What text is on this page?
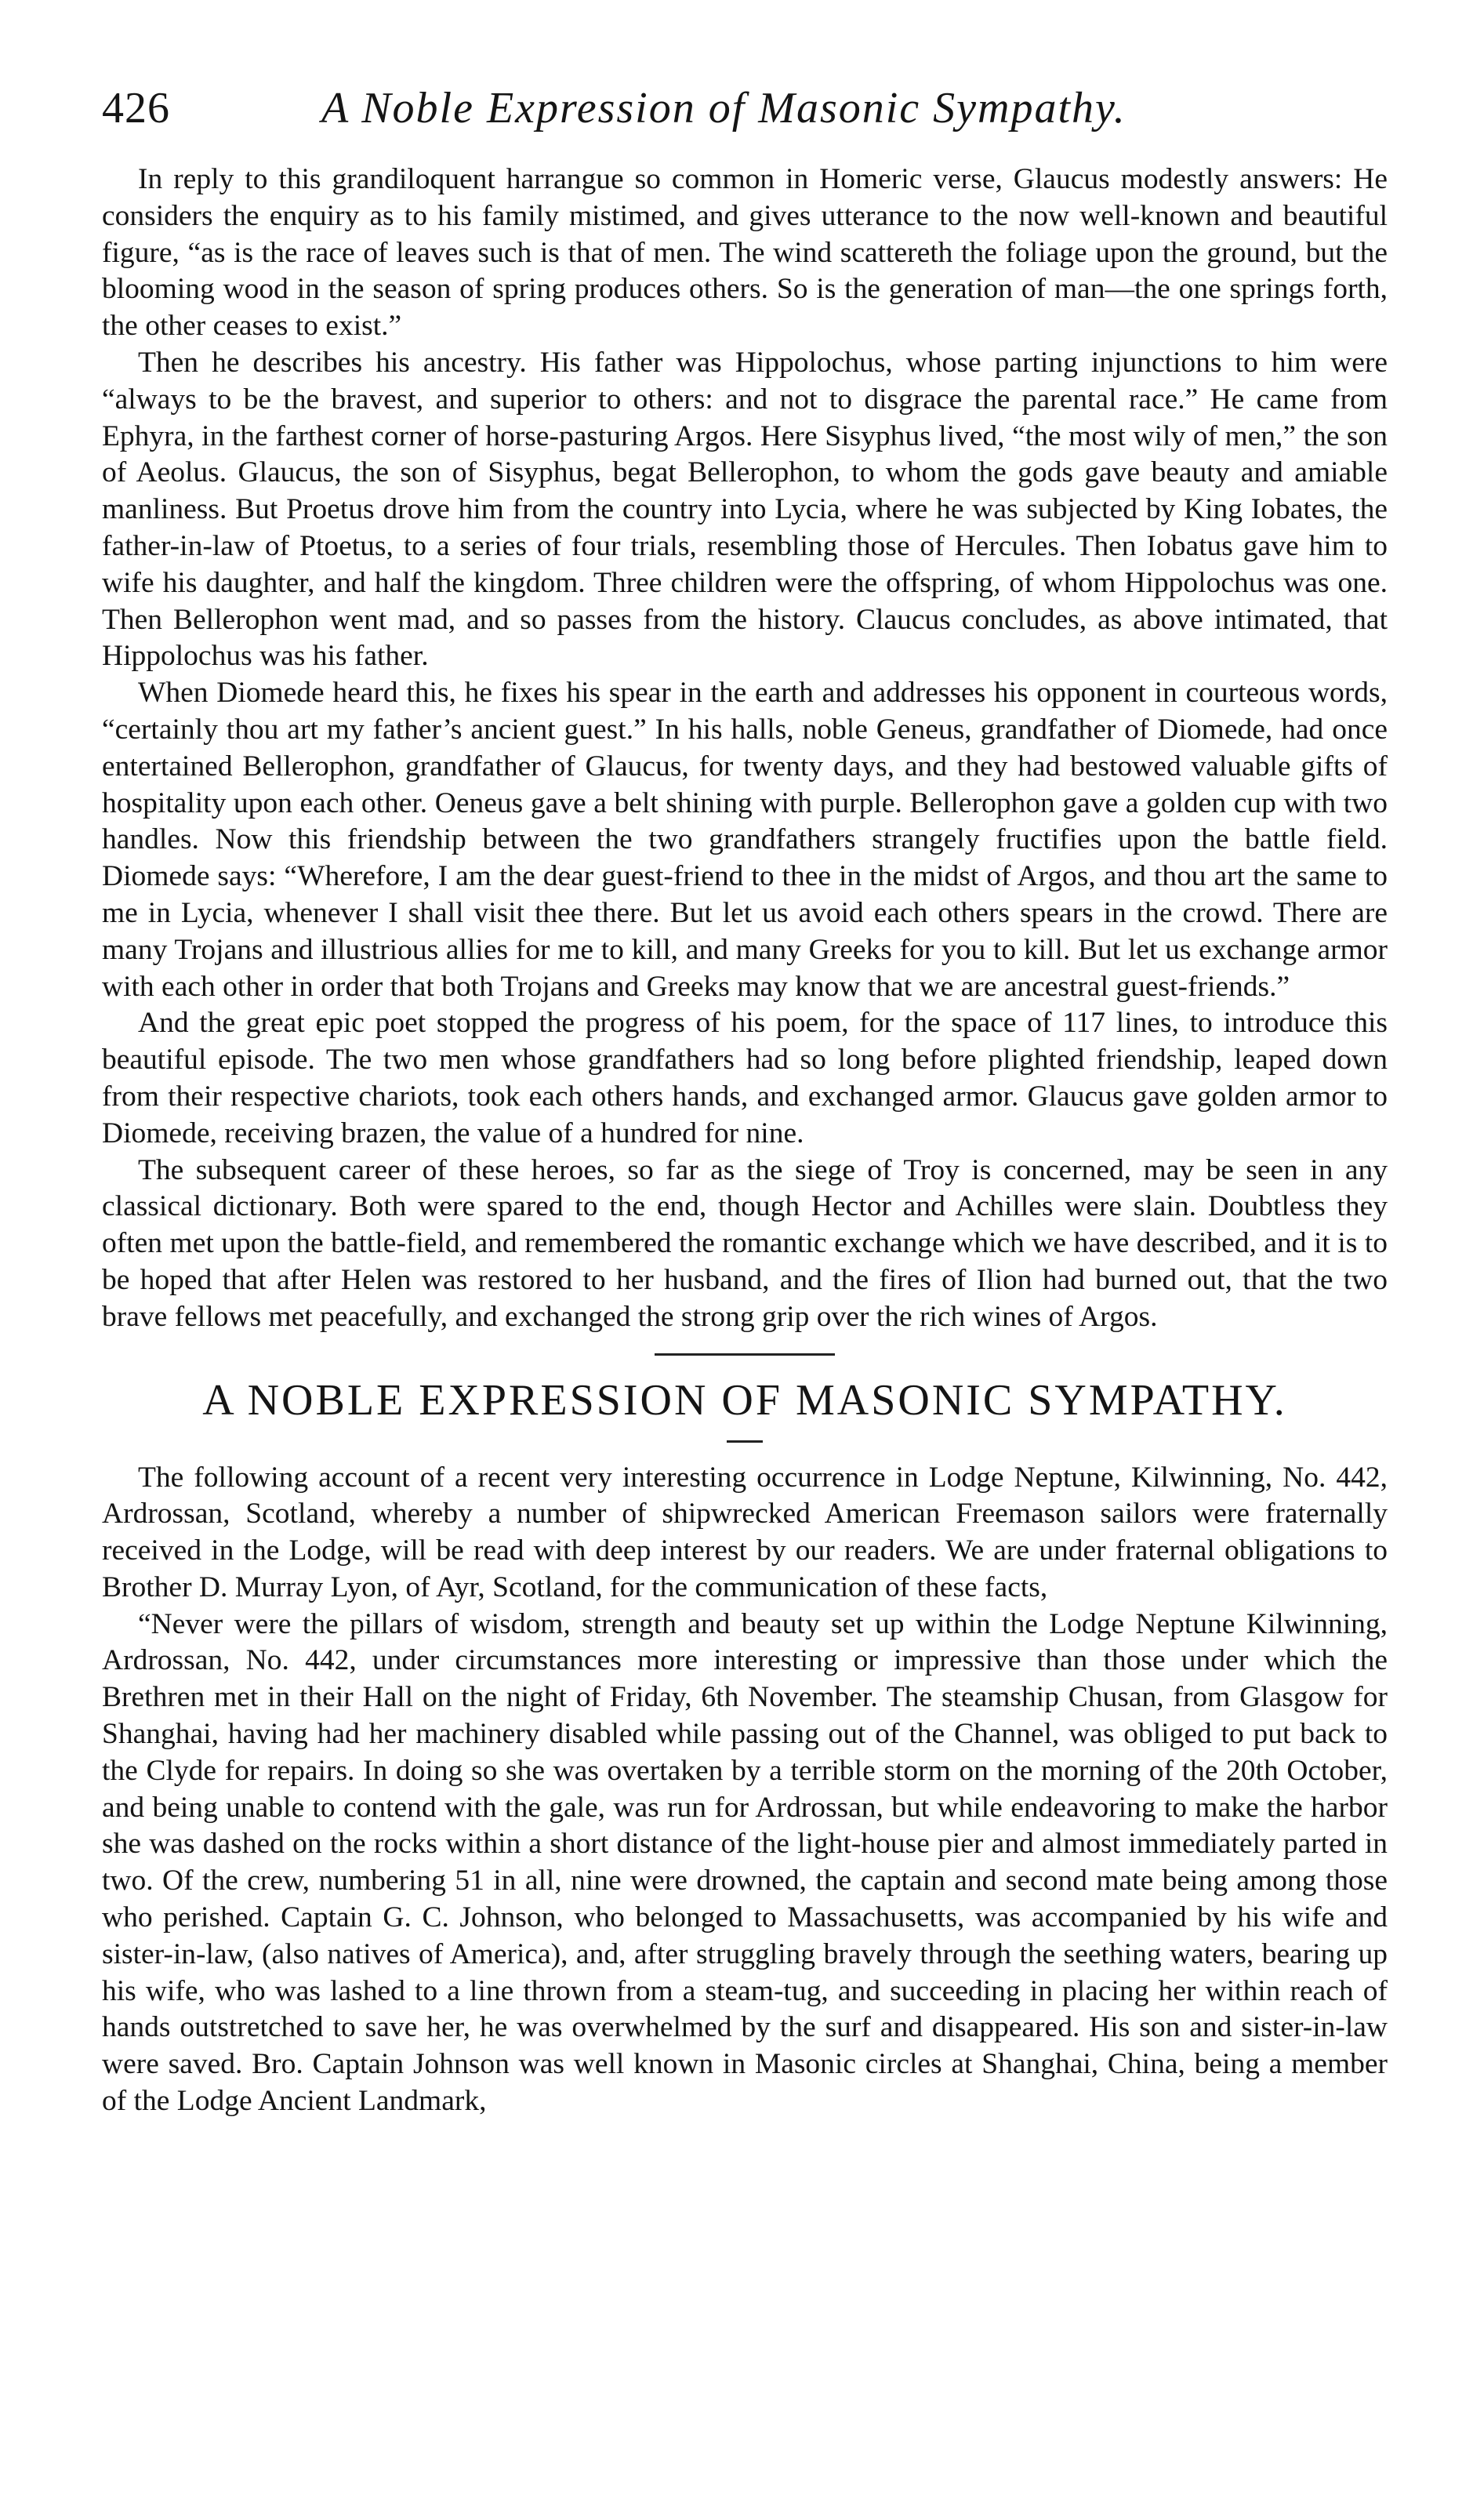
426	A Noble Expression of Masonic Sympathy.

In reply to this grandiloquent harrangue so common in Homeric verse, Glaucus modestly answers: He considers the enquiry as to his family mistimed, and gives utterance to the now well-known and beautiful figure, “as is the race of leaves such is that of men. The wind scattereth the foliage upon the ground, but the blooming wood in the season of spring produces others. So is the generation of man—the one springs forth, the other ceases to exist.”

Then he describes his ancestry. His father was Hippolochus, whose parting injunctions to him were “always to be the bravest, and superior to others: and not to disgrace the parental race.” He came from Ephyra, in the farthest corner of horse-pasturing Argos. Here Sisyphus lived, “the most wily of men,” the son of Aeolus. Glaucus, the son of Sisyphus, begat Bellerophon, to whom the gods gave beauty and amiable manliness. But Proetus drove him from the country into Lycia, where he was subjected by King Iobates, the father-in-law of Ptoetus, to a series of four trials, resembling those of Hercules. Then Iobatus gave him to wife his daughter, and half the kingdom. Three children were the offspring, of whom Hippolochus was one. Then Bellerophon went mad, and so passes from the history. Claucus concludes, as above intimated, that Hippolochus was his father.

When Diomede heard this, he fixes his spear in the earth and addresses his opponent in courteous words, “certainly thou art my father’s ancient guest.” In his halls, noble Geneus, grandfather of Diomede, had once entertained Bellerophon, grandfather of Glaucus, for twenty days, and they had bestowed valuable gifts of hospitality upon each other. Oeneus gave a belt shining with purple. Bellerophon gave a golden cup with two handles. Now this friendship between the two grandfathers strangely fructifies upon the battle field. Diomede says: “Wherefore, I am the dear guest-friend to thee in the midst of Argos, and thou art the same to me in Lycia, whenever I shall visit thee there. But let us avoid each others spears in the crowd. There are many Trojans and illustrious allies for me to kill, and many Greeks for you to kill. But let us exchange armor with each other in order that both Trojans and Greeks may know that we are ancestral guest-friends.”

And the great epic poet stopped the progress of his poem, for the space of 117 lines, to introduce this beautiful episode. The two men whose grandfathers had so long before plighted friendship, leaped down from their respective chariots, took each others hands, and exchanged armor. Glaucus gave golden armor to Diomede, receiving brazen, the value of a hundred for nine.

The subsequent career of these heroes, so far as the siege of Troy is concerned, may be seen in any classical dictionary. Both were spared to the end, though Hector and Achilles were slain. Doubtless they often met upon the battle-field, and remembered the romantic exchange which we have described, and it is to be hoped that after Helen was restored to her husband, and the fires of Ilion had burned out, that the two brave fellows met peacefully, and exchanged the strong grip over the rich wines of Argos.

A NOBLE EXPRESSION OF MASONIC SYMPATHY.

The following account of a recent very interesting occurrence in Lodge Neptune, Kilwinning, No. 442, Ardrossan, Scotland, whereby a number of shipwrecked American Freemason sailors were fraternally received in the Lodge, will be read with deep interest by our readers. We are under fraternal obligations to Brother D. Murray Lyon, of Ayr, Scotland, for the communication of these facts,

“Never were the pillars of wisdom, strength and beauty set up within the Lodge Neptune Kilwinning, Ardrossan, No. 442, under circumstances more interesting or impressive than those under which the Brethren met in their Hall on the night of Friday, 6th November. The steamship Chusan, from Glasgow for Shanghai, having had her machinery disabled while passing out of the Channel, was obliged to put back to the Clyde for repairs. In doing so she was overtaken by a terrible storm on the morning of the 20th October, and being unable to contend with the gale, was run for Ardrossan, but while endeavoring to make the harbor she was dashed on the rocks within a short distance of the light-house pier and almost immediately parted in two. Of the crew, numbering 51 in all, nine were drowned, the captain and second mate being among those who perished. Captain G. C. Johnson, who belonged to Massachusetts, was accompanied by his wife and sister-in-law, (also natives of America), and, after struggling bravely through the seething waters, bearing up his wife, who was lashed to a line thrown from a steam-tug, and succeeding in placing her within reach of hands outstretched to save her, he was overwhelmed by the surf and disappeared. His son and sister-in-law were saved. Bro. Captain Johnson was well known in Masonic circles at Shanghai, China, being a member of the Lodge Ancient Landmark,
